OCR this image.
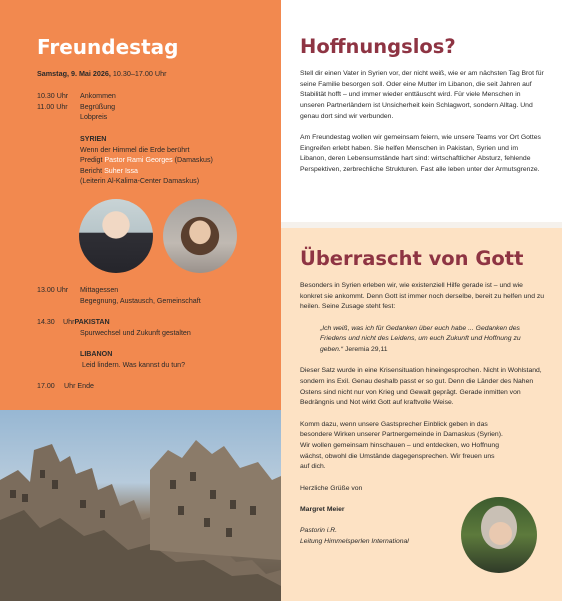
Freundestag
Samstag, 9. Mai 2026, 10.30–17.00 Uhr
10.30 Uhr	Ankommen
11.00 Uhr	Begrüßung
Lobpreis
SYRIEN
Wenn der Himmel die Erde berührt
Predigt Pastor Rami Georges (Damaskus)
Bericht Suher Issa
(Leiterin Al-Kalima-Center Damaskus)
13.00 Uhr	Mittagessen
Begegnung, Austausch, Gemeinschaft
14.30	Uhr PAKISTAN
Spurwechsel und Zukunft gestalten
LIBANON
Leid lindern. Was kannst du tun?
17.00	Uhr Ende
Hoffnungslos?

Stell dir einen Vater in Syrien vor, der nicht weiß, wie er am nächsten Tag Brot für seine Familie besorgen soll. Oder eine Mutter im Libanon, die seit Jahren auf Stabilität hofft – und immer wieder enttäuscht wird. Für viele Menschen in unseren Partnerländern ist Unsicherheit kein Schlagwort, sondern Alltag. Und genau dort sind wir verbunden.

Am Freundestag wollen wir gemeinsam feiern, wie unsere Teams vor Ort Gottes Eingreifen erlebt haben. Sie helfen Menschen in Pakistan, Syrien und im Libanon, deren Lebensumstände hart sind: wirtschaftlicher Absturz, fehlende Perspektiven, zerbrechliche Strukturen. Fast alle leben unter der Armutsgrenze.

Überrascht von Gott

Besonders in Syrien erleben wir, wie existenziell Hilfe gerade ist – und wie konkret sie ankommt. Denn Gott ist immer noch derselbe, bereit zu helfen und zu heilen. Seine Zusage steht fest:

„Ich weiß, was ich für Gedanken über euch habe ... Gedanken des Friedens und nicht des Leidens, um euch Zukunft und Hoffnung zu geben.“ Jeremia 29,11

Dieser Satz wurde in eine Krisensituation hineingesprochen. Nicht in Wohlstand, sondern ins Exil. Genau deshalb passt er so gut. Denn die Länder des Nahen Ostens sind nicht nur von Krieg und Gewalt geprägt. Gerade inmitten von Bedrängnis und Not wirkt Gott auf kraftvolle Weise.

Komm dazu, wenn unsere Gastsprecher Einblick geben in das besondere Wirken unserer Partnergemeinde in Damaskus (Syrien). Wir wollen gemeinsam hinschauen – und entdecken, wo Hoffnung wächst, obwohl die Umstände dagegensprechen. Wir freuen uns auf dich.

Herzliche Grüße von

Margret Meier

Pastorin i.R.
Leitung Himmelsperlen International
